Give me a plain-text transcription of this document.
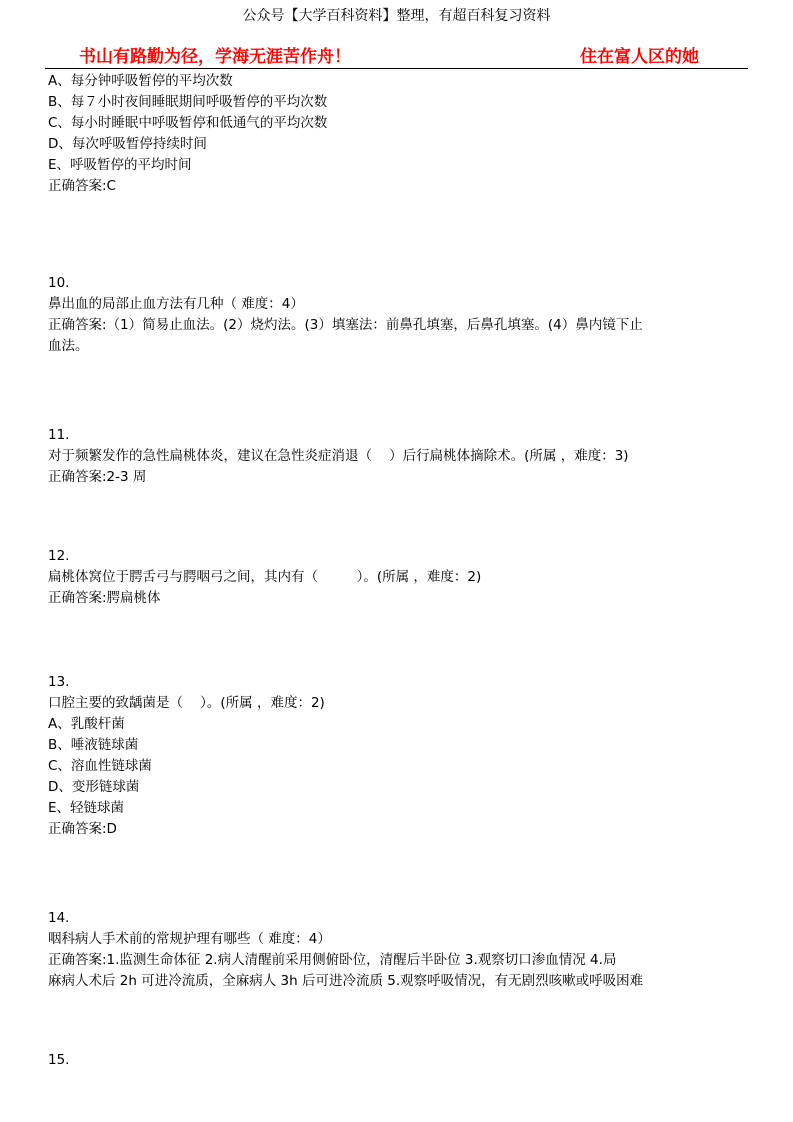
公众号【大学百科资料】整理，有超百科复习资料
书山有路勤为径，学海无涯苦作舟！	住在富人区的她

A、每分钟呼吸暂停的平均次数

B、每７小时夜间睡眠期间呼吸暂停的平均次数

C、每小时睡眠中呼吸暂停和低通气的平均次数

D、每次呼吸暂停持续时间

E、呼吸暂停的平均时间

正确答案:C

10.

鼻出血的局部止血方法有几种（ 难度：4）

正确答案:（1）简易止血法。(2）烧灼法。(3）填塞法：前鼻孔填塞，后鼻孔填塞。(4）鼻内镜下止

血法。

11.

对于频繁发作的急性扁桃体炎，建议在急性炎症消退（    ）后行扁桃体摘除术。(所属 ，难度：3)

正确答案:2-3 周

12.

扁桃体窝位于腭舌弓与腭咽弓之间，其内有（         ）。(所属 ，难度：2)

正确答案:腭扁桃体

13.

口腔主要的致龋菌是（    ）。(所属 ，难度：2)

A、乳酸杆菌

B、唾液链球菌

C、溶血性链球菌

D、变形链球菌

E、轻链球菌

正确答案:D

14.

咽科病人手术前的常规护理有哪些（ 难度：4）

正确答案:1.监测生命体征 2.病人清醒前采用侧俯卧位，清醒后半卧位 3.观察切口渗血情况 4.局

麻病人术后 2h 可进冷流质，全麻病人 3h 后可进冷流质 5.观察呼吸情况，有无剧烈咳嗽或呼吸困难

15.
